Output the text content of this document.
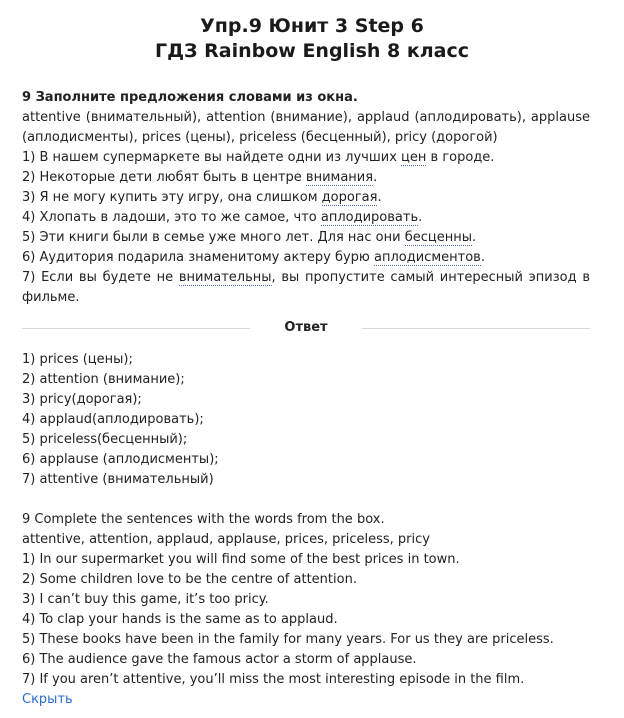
Упр.9 Юнит 3 Step 6
ГДЗ Rainbow English 8 класс
9 Заполните предложения словами из окна.
attentive (внимательный), attention (внимание), applaud (аплодировать), applause (аплодисменты), prices (цены), priceless (бесценный), pricy (дорогой)
1) В нашем супермаркете вы найдете одни из лучших цен в городе.
2) Некоторые дети любят быть в центре внимания.
3) Я не могу купить эту игру, она слишком дорогая.
4) Хлопать в ладоши, это то же самое, что аплодировать.
5) Эти книги были в семье уже много лет. Для нас они бесценны.
6) Аудитория подарила знаменитому актеру бурю аплодисментов.
7) Если вы будете не внимательны, вы пропустите самый интересный эпизод в фильме.
Ответ
1) prices (цены);
2) attention (внимание);
3) pricy(дорогая);
4) applaud(аплодировать);
5) priceless(бесценный);
6) applause (аплодисменты);
7) attentive (внимательный)
9 Complete the sentences with the words from the box.
attentive, attention, applaud, applause, prices, priceless, pricy
1) In our supermarket you will find some of the best prices in town.
2) Some children love to be the centre of attention.
3) I can’t buy this game, it’s too pricy.
4) To clap your hands is the same as to applaud.
5) These books have been in the family for many years. For us they are priceless.
6) The audience gave the famous actor a storm of applause.
7) If you aren’t attentive, you’ll miss the most interesting episode in the film.
Скрыть
